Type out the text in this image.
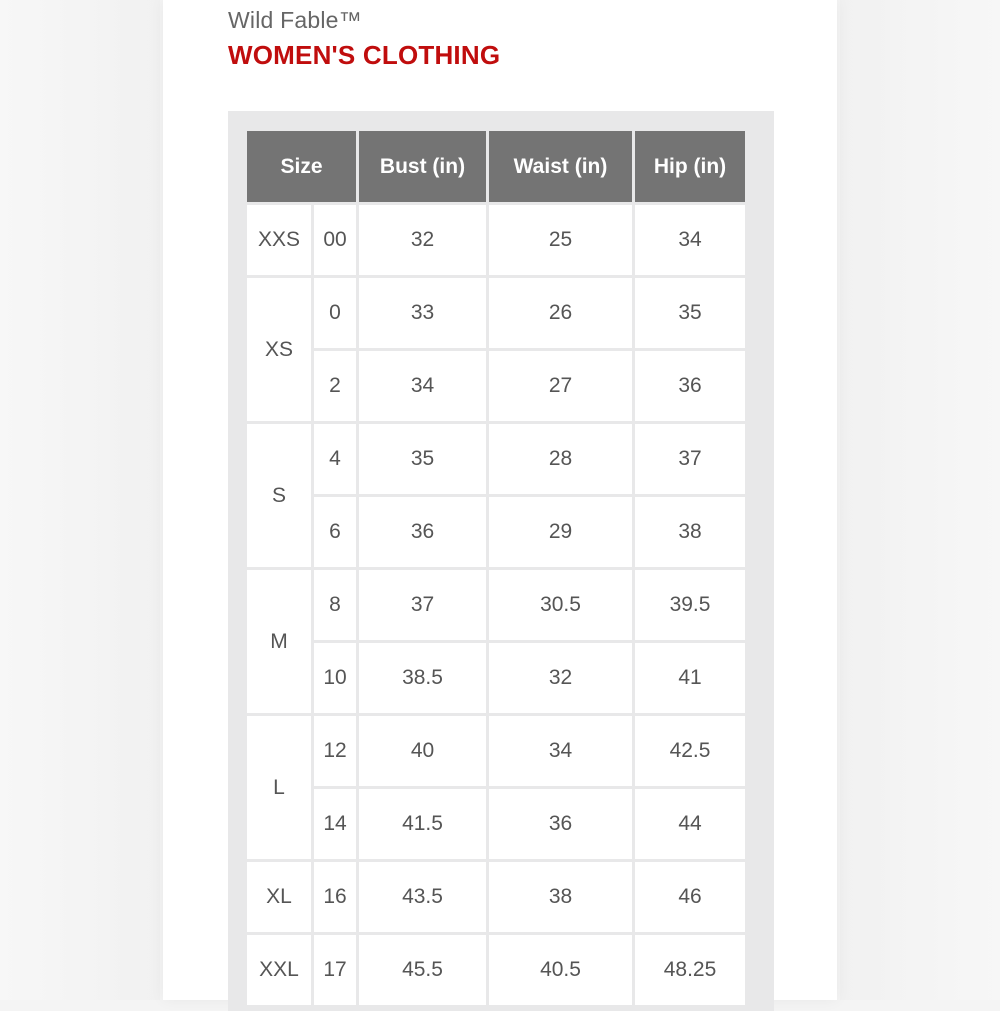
Wild Fable™
WOMEN'S CLOTHING
Size		Bust (in)	Waist (in)	Hip (in)
XXS	00	32	25	34
XS	0	33	26	35
	2	34	27	36
S	4	35	28	37
	6	36	29	38
M	8	37	30.5	39.5
	10	38.5	32	41
L	12	40	34	42.5
	14	41.5	36	44
XL	16	43.5	38	46
XXL	17	45.5	40.5	48.25
